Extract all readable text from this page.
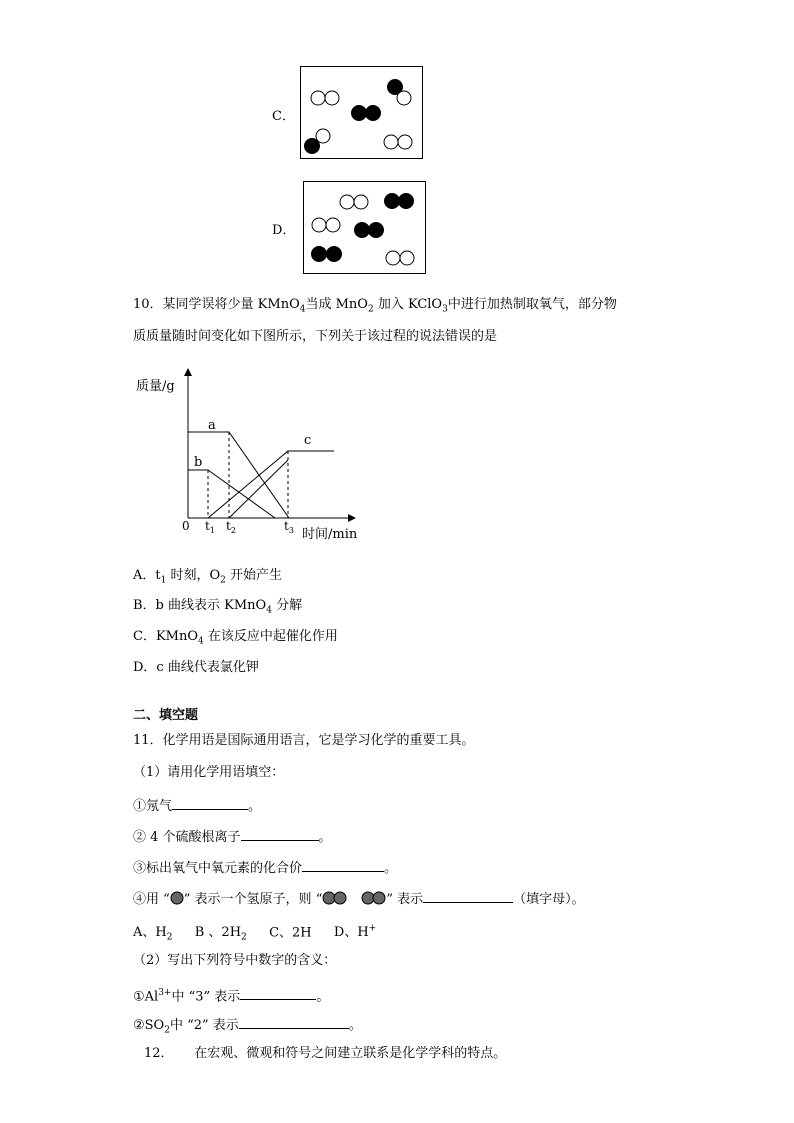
C．
D．
10．某同学误将少量 KMnO$_4$当成 MnO$_2$ 加入 KClO$_3$中进行加热制取氧气，部分物
质质量随时间变化如下图所示，下列关于该过程的说法错误的是
质量/g
a
b
c
0 $t_1$ $t_2$	$t_3$ 时间/min
A．$t_1$ 时刻，$O_2$ 开始产生
B．b 曲线表示 KMnO$_4$ 分解
C．KMnO$_4$ 在该反应中起催化作用
D．c 曲线代表氯化钾
二、填空题
11．化学用语是国际通用语言，它是学习化学的重要工具。
（1）请用化学用语填空：
①氖气	。
② 4 个硫酸根离子	。
③标出氧气中氧元素的化合价	。
④用 “ ” 表示一个氢原子，则 “	” 表示	（填字母）。
A、$H_2$ B 、$2H_2$ C、2H D、H+
（2）写出下列符号中数字的含义：
$①Al^{3+}$中 “3” 表示	。
$②SO_2$中 “2” 表示	。
12．     在宏观、微观和符号之间建立联系是化学学科的特点。
